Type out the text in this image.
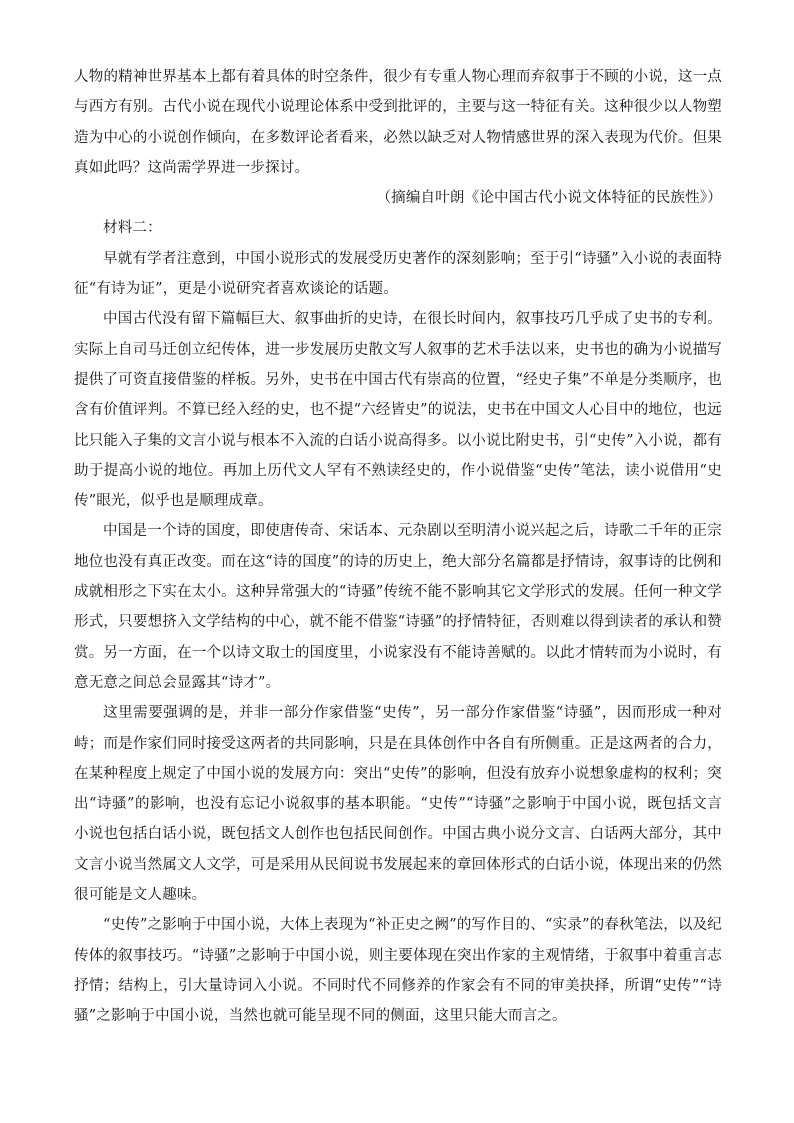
人物的精神世界基本上都有着具体的时空条件，很少有专重人物心理而弃叙事于不顾的小说，这一点与西方有别。古代小说在现代小说理论体系中受到批评的，主要与这一特征有关。这种很少以人物塑造为中心的小说创作倾向，在多数评论者看来，必然以缺乏对人物情感世界的深入表现为代价。但果真如此吗？这尚需学界进一步探讨。

（摘编自叶朗《论中国古代小说文体特征的民族性》）

材料二：

早就有学者注意到，中国小说形式的发展受历史著作的深刻影响；至于引“诗骚”入小说的表面特征“有诗为证”，更是小说研究者喜欢谈论的话题。

中国古代没有留下篇幅巨大、叙事曲折的史诗，在很长时间内，叙事技巧几乎成了史书的专利。实际上自司马迁创立纪传体，进一步发展历史散文写人叙事的艺术手法以来，史书也的确为小说描写提供了可资直接借鉴的样板。另外，史书在中国古代有崇高的位置，“经史子集”不单是分类顺序，也含有价值评判。不算已经入经的史，也不提“六经皆史”的说法，史书在中国文人心目中的地位，也远比只能入子集的文言小说与根本不入流的白话小说高得多。以小说比附史书，引“史传”入小说，都有助于提高小说的地位。再加上历代文人罕有不熟读经史的，作小说借鉴“史传”笔法，读小说借用“史传”眼光，似乎也是顺理成章。

中国是一个诗的国度，即使唐传奇、宋话本、元杂剧以至明清小说兴起之后，诗歌二千年的正宗地位也没有真正改变。而在这“诗的国度”的诗的历史上，绝大部分名篇都是抒情诗，叙事诗的比例和成就相形之下实在太小。这种异常强大的“诗骚”传统不能不影响其它文学形式的发展。任何一种文学形式，只要想挤入文学结构的中心，就不能不借鉴“诗骚”的抒情特征，否则难以得到读者的承认和赞赏。另一方面，在一个以诗文取士的国度里，小说家没有不能诗善赋的。以此才情转而为小说时，有意无意之间总会显露其“诗才”。

这里需要强调的是，并非一部分作家借鉴“史传”，另一部分作家借鉴“诗骚”，因而形成一种对峙；而是作家们同时接受这两者的共同影响，只是在具体创作中各自有所侧重。正是这两者的合力，在某种程度上规定了中国小说的发展方向：突出“史传”的影响，但没有放弃小说想象虚构的权利；突出“诗骚”的影响，也没有忘记小说叙事的基本职能。“史传”“诗骚”之影响于中国小说，既包括文言小说也包括白话小说，既包括文人创作也包括民间创作。中国古典小说分文言、白话两大部分，其中文言小说当然属文人文学，可是采用从民间说书发展起来的章回体形式的白话小说，体现出来的仍然很可能是文人趣味。

“史传”之影响于中国小说，大体上表现为“补正史之阙”的写作目的、“实录”的春秋笔法，以及纪传体的叙事技巧。“诗骚”之影响于中国小说，则主要体现在突出作家的主观情绪，于叙事中着重言志抒情；结构上，引大量诗词入小说。不同时代不同修养的作家会有不同的审美抉择，所谓“史传”“诗骚”之影响于中国小说，当然也就可能呈现不同的侧面，这里只能大而言之。
